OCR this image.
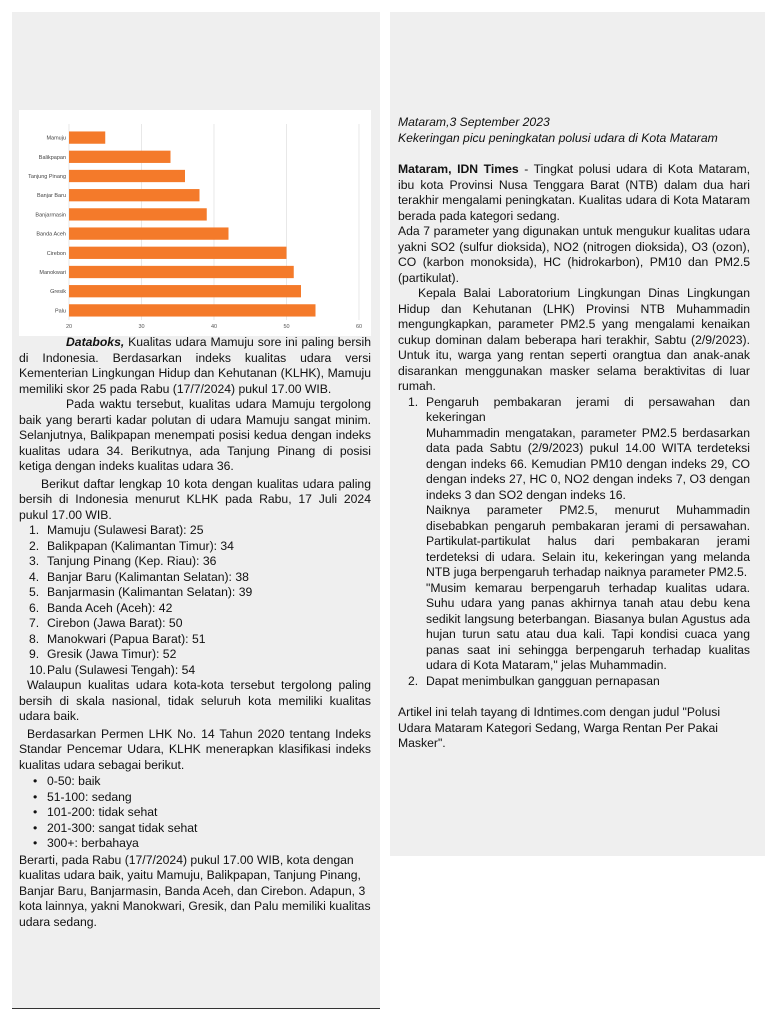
Mamuju
Balikpapan
Tanjung Pinang
Banjar Baru
Banjarmasin
Banda Aceh
Cirebon
Manokwari
Gresik
Palu
20	30	40	50	60

Databoks, Kualitas udara Mamuju sore ini paling bersih di Indonesia. Berdasarkan indeks kualitas udara versi Kementerian Lingkungan Hidup dan Kehutanan (KLHK), Mamuju memiliki skor 25 pada Rabu (17/7/2024) pukul 17.00 WIB.

Pada waktu tersebut, kualitas udara Mamuju tergolong baik yang berarti kadar polutan di udara Mamuju sangat minim. Selanjutnya, Balikpapan menempati posisi kedua dengan indeks kualitas udara 34. Berikutnya, ada Tanjung Pinang di posisi ketiga dengan indeks kualitas udara 36.

Berikut daftar lengkap 10 kota dengan kualitas udara paling bersih di Indonesia menurut KLHK pada Rabu, 17 Juli 2024 pukul 17.00 WIB.

1. Mamuju (Sulawesi Barat): 25
2. Balikpapan (Kalimantan Timur): 34
3. Tanjung Pinang (Kep. Riau): 36
4. Banjar Baru (Kalimantan Selatan): 38
5. Banjarmasin (Kalimantan Selatan): 39
6. Banda Aceh (Aceh): 42
7. Cirebon (Jawa Barat): 50
8. Manokwari (Papua Barat): 51
9. Gresik (Jawa Timur): 52
10. Palu (Sulawesi Tengah): 54

Walaupun kualitas udara kota-kota tersebut tergolong paling bersih di skala nasional, tidak seluruh kota memiliki kualitas udara baik.

Berdasarkan Permen LHK No. 14 Tahun 2020 tentang Indeks Standar Pencemar Udara, KLHK menerapkan klasifikasi indeks kualitas udara sebagai berikut.

• 0-50: baik
• 51-100: sedang
• 101-200: tidak sehat
• 201-300: sangat tidak sehat
• 300+: berbahaya

Berarti, pada Rabu (17/7/2024) pukul 17.00 WIB, kota dengan kualitas udara baik, yaitu Mamuju, Balikpapan, Tanjung Pinang, Banjar Baru, Banjarmasin, Banda Aceh, dan Cirebon. Adapun, 3 kota lainnya, yakni Manokwari, Gresik, dan Palu memiliki kualitas udara sedang.

Mataram,3 September 2023

Kekeringan picu peningkatan polusi udara di Kota Mataram

Mataram, IDN Times - Tingkat polusi udara di Kota Mataram, ibu kota Provinsi Nusa Tenggara Barat (NTB) dalam dua hari terakhir mengalami peningkatan. Kualitas udara di Kota Mataram berada pada kategori sedang.

Ada 7 parameter yang digunakan untuk mengukur kualitas udara yakni SO2 (sulfur dioksida), NO2 (nitrogen dioksida), O3 (ozon), CO (karbon monoksida), HC (hidrokarbon), PM10 dan PM2.5 (partikulat).

Kepala Balai Laboratorium Lingkungan Dinas Lingkungan Hidup dan Kehutanan (LHK) Provinsi NTB Muhammadin mengungkapkan, parameter PM2.5 yang mengalami kenaikan cukup dominan dalam beberapa hari terakhir, Sabtu (2/9/2023). Untuk itu, warga yang rentan seperti orangtua dan anak-anak disarankan menggunakan masker selama beraktivitas di luar rumah.

1. Pengaruh pembakaran jerami di persawahan dan kekeringan

Muhammadin mengatakan, parameter PM2.5 berdasarkan data pada Sabtu (2/9/2023) pukul 14.00 WITA terdeteksi dengan indeks 66. Kemudian PM10 dengan indeks 29, CO dengan indeks 27, HC 0, NO2 dengan indeks 7, O3 dengan indeks 3 dan SO2 dengan indeks 16.

Naiknya parameter PM2.5, menurut Muhammadin disebabkan pengaruh pembakaran jerami di persawahan. Partikulat-partikulat halus dari pembakaran jerami terdeteksi di udara. Selain itu, kekeringan yang melanda NTB juga berpengaruh terhadap naiknya parameter PM2.5.

"Musim kemarau berpengaruh terhadap kualitas udara. Suhu udara yang panas akhirnya tanah atau debu kena sedikit langsung beterbangan. Biasanya bulan Agustus ada hujan turun satu atau dua kali. Tapi kondisi cuaca yang panas saat ini sehingga berpengaruh terhadap kualitas udara di Kota Mataram," jelas Muhammadin.

2. Dapat menimbulkan gangguan pernapasan

Artikel ini telah tayang di Idntimes.com dengan judul "Polusi Udara Mataram Kategori Sedang, Warga Rentan Per Pakai Masker".
